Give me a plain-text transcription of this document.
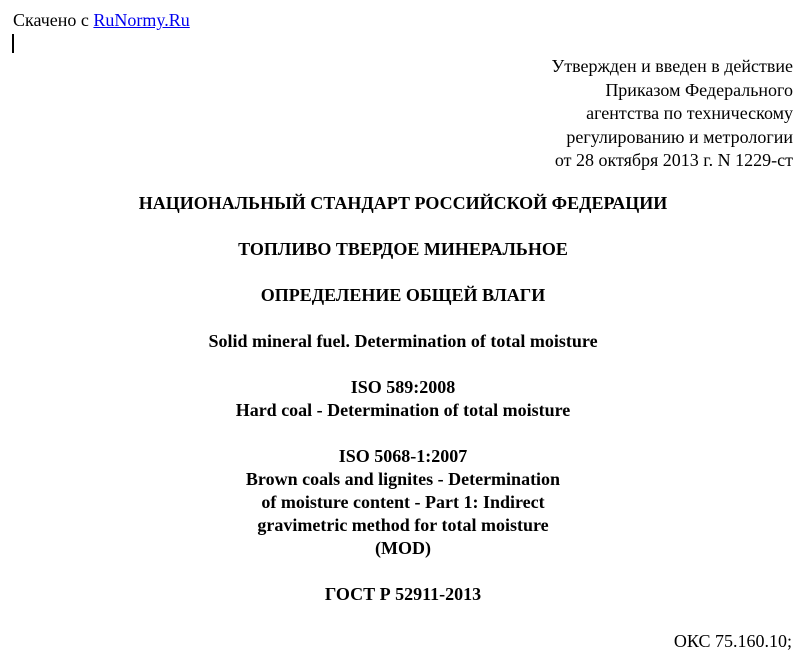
Скачено с RuNormy.Ru
Утвержден и введен в действие
Приказом Федерального
агентства по техническому
регулированию и метрологии
от 28 октября 2013 г. N 1229-ст
НАЦИОНАЛЬНЫЙ СТАНДАРТ РОССИЙСКОЙ ФЕДЕРАЦИИ
ТОПЛИВО ТВЕРДОЕ МИНЕРАЛЬНОЕ
ОПРЕДЕЛЕНИЕ ОБЩЕЙ ВЛАГИ
Solid mineral fuel. Determination of total moisture
ISO 589:2008
Hard coal - Determination of total moisture
ISO 5068-1:2007
Brown coals and lignites - Determination
of moisture content - Part 1: Indirect
gravimetric method for total moisture
(MOD)
ГОСТ Р 52911-2013
ОКС 75.160.10;
